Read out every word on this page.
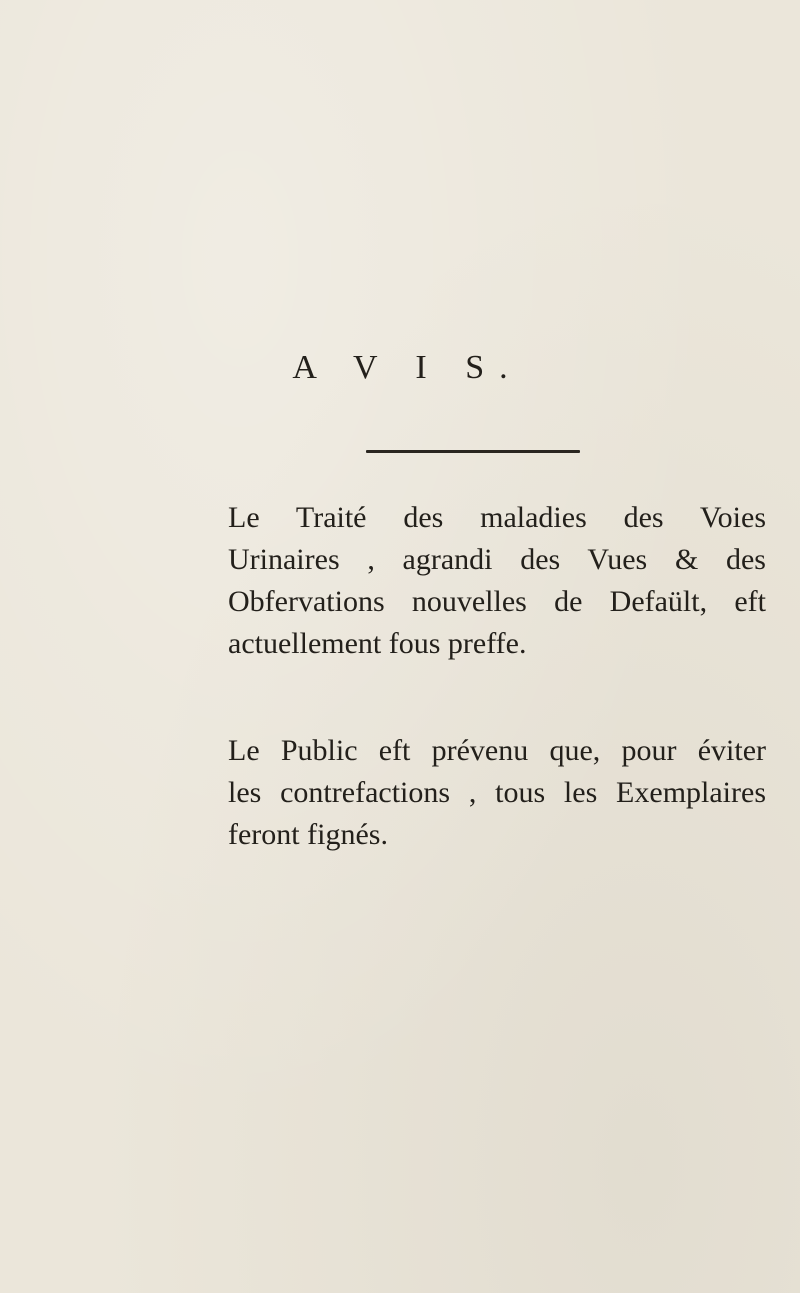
A V I S.
Le Traité des maladies des Voies
Urinaires , agrandi des Vues & des
Obfervations nouvelles de Defaült, eft
actuellement fous preffe.
Le Public eft prévenu que, pour éviter
les contrefactions , tous les Exemplaires
feront fignés.
